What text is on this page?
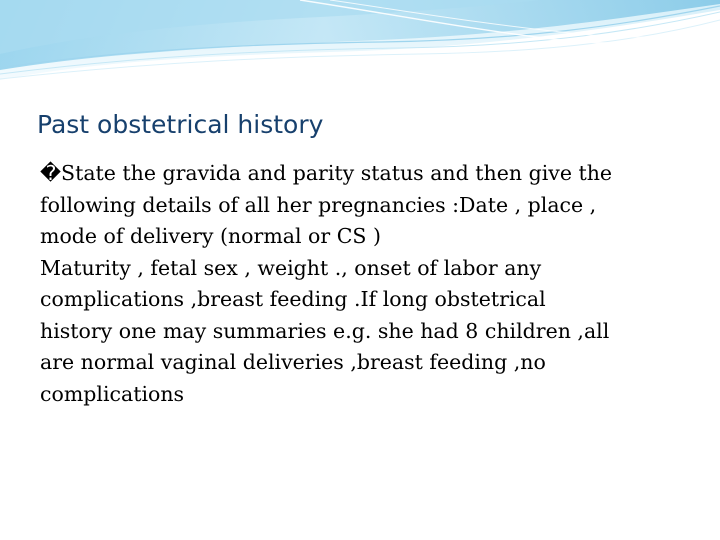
Past obstetrical history
�State the gravida and parity status and then give the
following details of all her pregnancies :Date , place ,
mode of delivery (normal or CS )
Maturity , fetal sex , weight ., onset of labor any
complications ,breast feeding .If long obstetrical
history one may summaries e.g. she had 8 children ,all
are normal vaginal deliveries ,breast feeding ,no
complications
